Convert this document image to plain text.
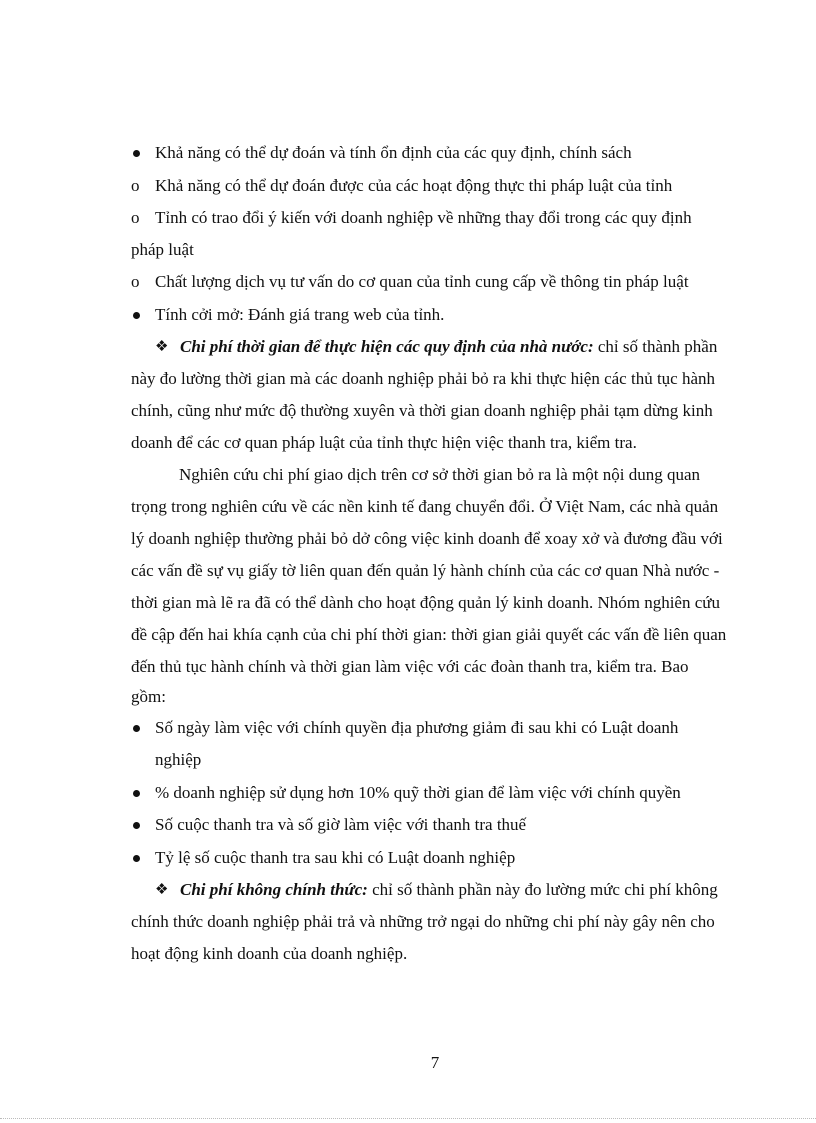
Khả năng có thể dự đoán và tính ổn định của các quy định, chính sách
o Khả năng có thể dự đoán được của các hoạt động thực thi pháp luật của tỉnh
o Tỉnh có trao đổi ý kiến với doanh nghiệp về những thay đổi trong các quy định
pháp luật
o Chất lượng dịch vụ tư vấn do cơ quan của tỉnh cung cấp về thông tin pháp luật
Tính cởi mở: Đánh giá trang web của tỉnh.
❖ Chi phí thời gian để thực hiện các quy định của nhà nước: chỉ số thành phần
này đo lường thời gian mà các doanh nghiệp phải bỏ ra khi thực hiện các thủ tục hành
chính, cũng như mức độ thường xuyên và thời gian doanh nghiệp phải tạm dừng kinh
doanh để các cơ quan pháp luật của tỉnh thực hiện việc thanh tra, kiểm tra.
Nghiên cứu chi phí giao dịch trên cơ sở thời gian bỏ ra là một nội dung quan
trọng trong nghiên cứu về các nền kinh tế đang chuyển đổi. Ở Việt Nam, các nhà quản
lý doanh nghiệp thường phải bỏ dở công việc kinh doanh để xoay xở và đương đầu với
các vấn đề sự vụ giấy tờ liên quan đến quản lý hành chính của các cơ quan Nhà nước -
thời gian mà lẽ ra đã có thể dành cho hoạt động quản lý kinh doanh. Nhóm nghiên cứu
đề cập đến hai khía cạnh của chi phí thời gian: thời gian giải quyết các vấn đề liên quan
đến thủ tục hành chính và thời gian làm việc với các đoàn thanh tra, kiểm tra. Bao
gồm:
Số ngày làm việc với chính quyền địa phương giảm đi sau khi có Luật doanh
nghiệp
% doanh nghiệp sử dụng hơn 10% quỹ thời gian để làm việc với chính quyền
Số cuộc thanh tra và số giờ làm việc với thanh tra thuế
Tỷ lệ số cuộc thanh tra sau khi có Luật doanh nghiệp
❖ Chi phí không chính thức: chỉ số thành phần này đo lường mức chi phí không
chính thức doanh nghiệp phải trả và những trở ngại do những chi phí này gây nên cho
hoạt động kinh doanh của doanh nghiệp.
7
